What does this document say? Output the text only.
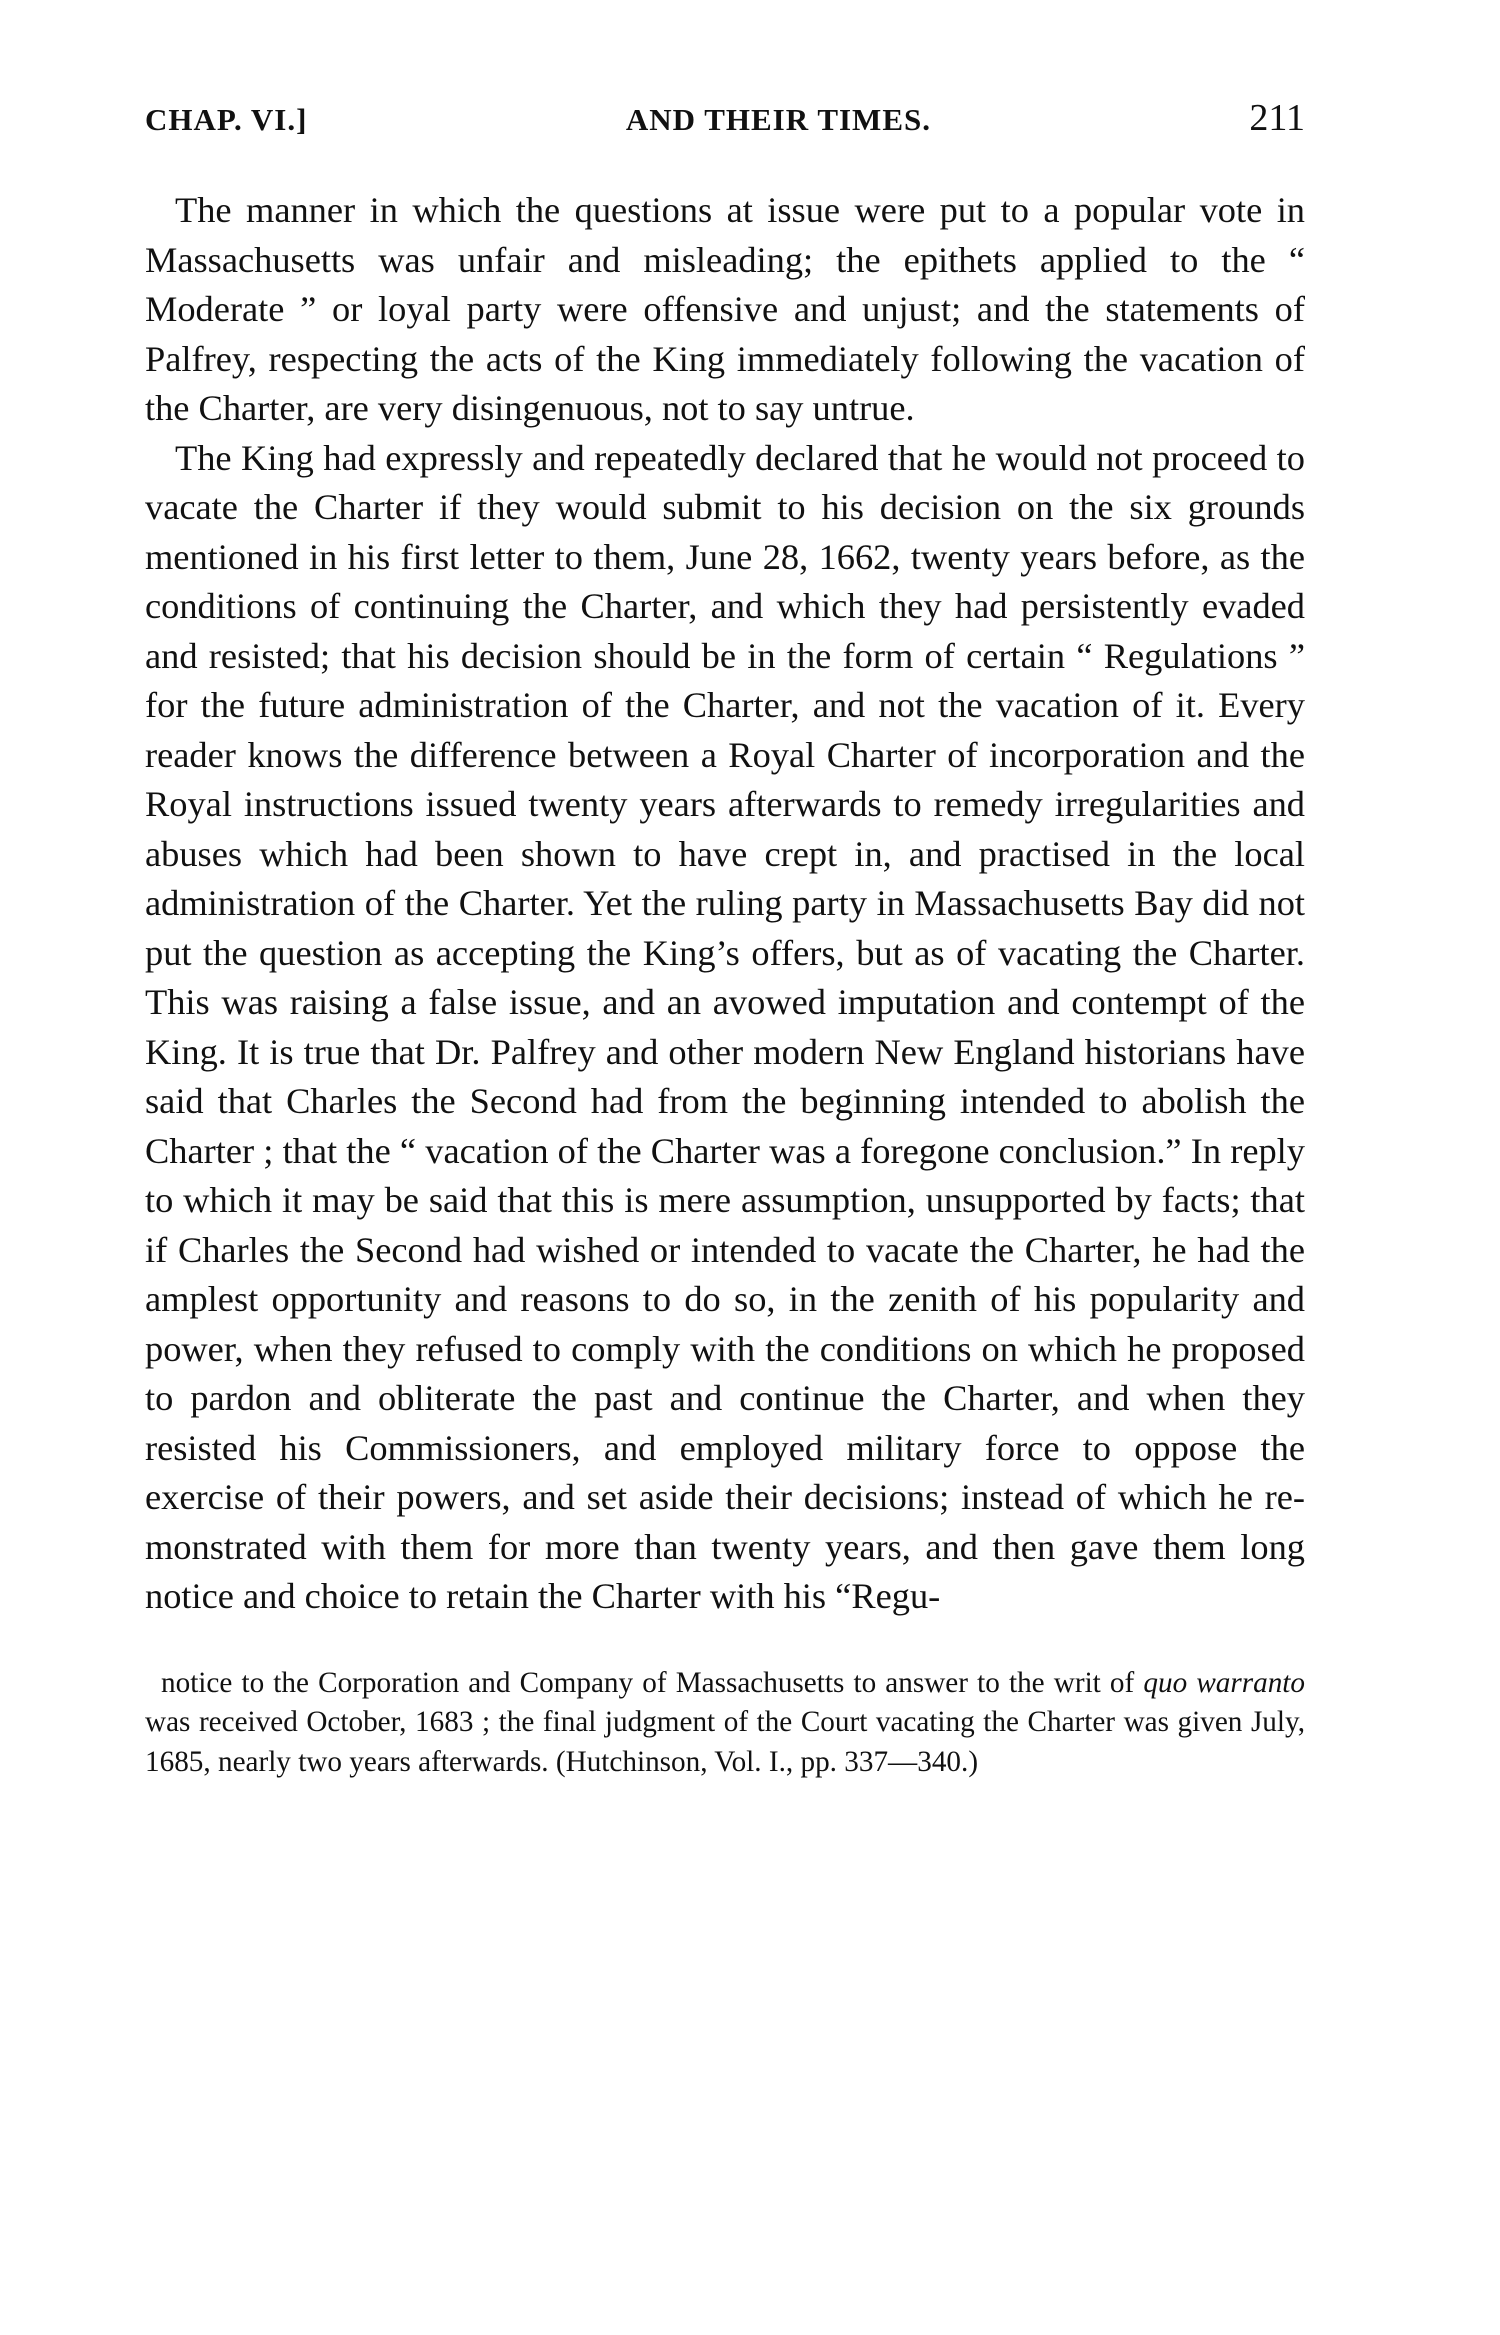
CHAP. VI.]	AND THEIR TIMES.	211

The manner in which the questions at issue were put to a popular vote in Massachusetts was unfair and misleading; the epithets applied to the “ Moderate ” or loyal party were offensive and unjust; and the statements of Palfrey, respecting the acts of the King immediately following the vacation of the Charter, are very disingenuous, not to say untrue.

The King had expressly and repeatedly declared that he would not proceed to vacate the Charter if they would submit to his decision on the six grounds mentioned in his first letter to them, June 28, 1662, twenty years before, as the conditions of continuing the Charter, and which they had persistently evaded and resisted; that his decision should be in the form of certain “ Regulations ” for the future administration of the Charter, and not the vacation of it. Every reader knows the difference between a Royal Charter of incorporation and the Royal instructions issued twenty years afterwards to remedy irregularities and abuses which had been shown to have crept in, and practised in the local administration of the Charter. Yet the ruling party in Massachusetts Bay did not put the question as accepting the King’s offers, but as of vacating the Charter. This was raising a false issue, and an avowed imputation and contempt of the King. It is true that Dr. Palfrey and other modern New England historians have said that Charles the Second had from the beginning intended to abolish the Charter ; that the “ vacation of the Charter was a foregone conclusion.” In reply to which it may be said that this is mere assumption, unsupported by facts; that if Charles the Second had wished or intended to vacate the Charter, he had the amplest opportunity and reasons to do so, in the zenith of his popularity and power, when they refused to comply with the conditions on which he proposed to pardon and obliterate the past and continue the Charter, and when they resisted his Commissioners, and employed military force to oppose the exercise of their powers, and set aside their decisions; instead of which he remonstrated with them for more than twenty years, and then gave them long notice and choice to retain the Charter with his “Regu-

notice to the Corporation and Company of Massachusetts to answer to the writ of quo warranto was received October, 1683 ; the final judgment of the Court vacating the Charter was given July, 1685, nearly two years afterwards. (Hutchinson, Vol. I., pp. 337—340.)
